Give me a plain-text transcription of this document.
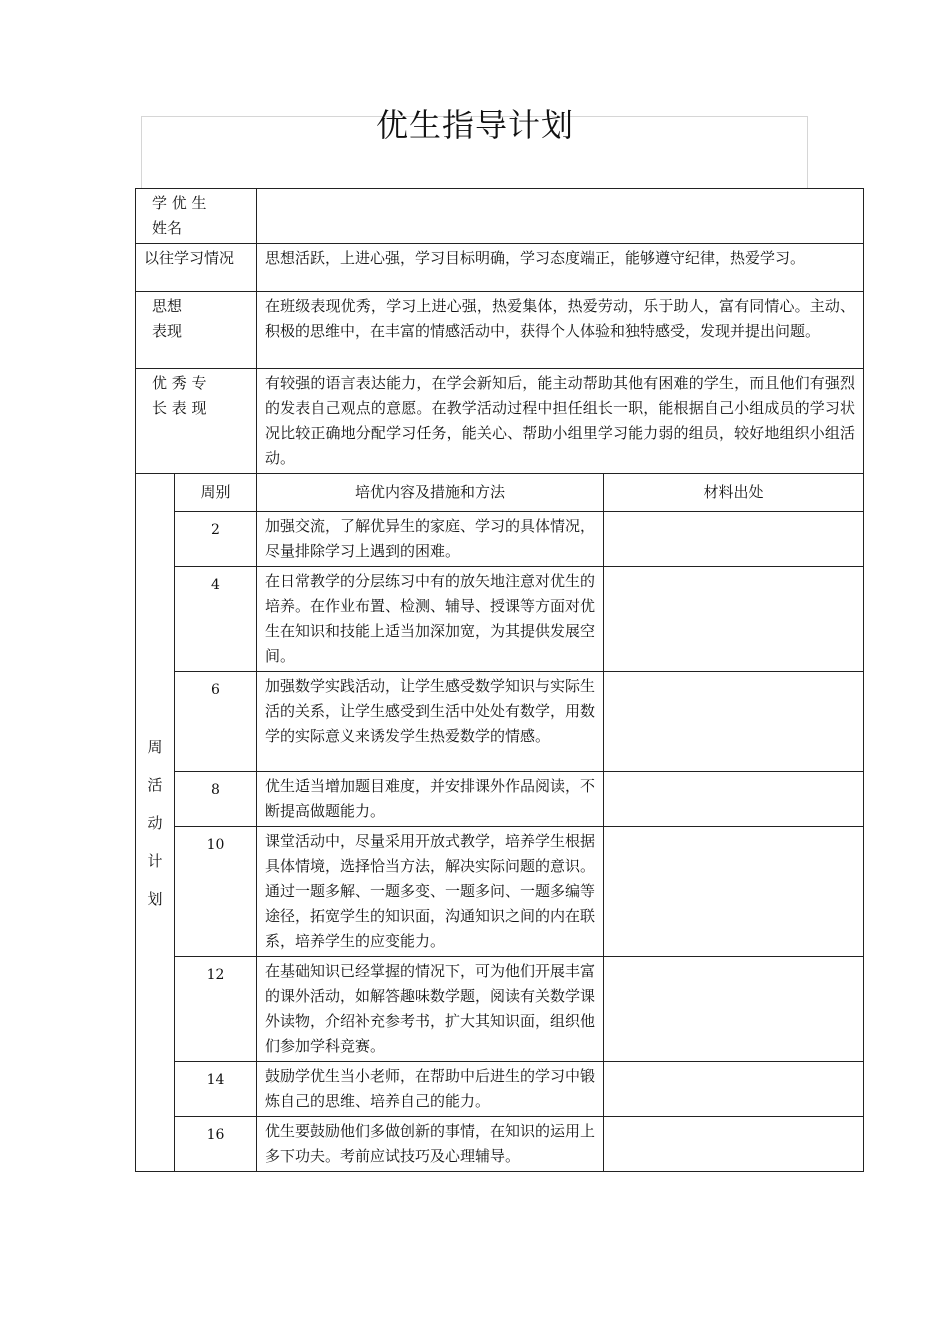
优生指导计划
学 优 生
姓名			

以往学习情况		思想活跃，上进心强，学习目标明确，学习态度端正，能够遵守纪律，热爱学习。	

思想
表现		在班级表现优秀，学习上进心强，热爱集体，热爱劳动，乐于助人，富有同情心。主动、积极的思维中，在丰富的情感活动中，获得个人体验和独特感受，发现并提出问题。	

优 秀 专
长 表 现		有较强的语言表达能力，在学会新知后，能主动帮助其他有困难的学生，而且他们有强烈的发表自己观点的意愿。在教学活动过程中担任组长一职，能根据自己小组成员的学习状况比较正确地分配学习任务，能关心、帮助小组里学习能力弱的组员，较好地组织小组活动。	

周
活
动
计
划	周别	培优内容及措施和方法	材料出处
	2	加强交流，了解优异生的家庭、学习的具体情况，尽量排除学习上遇到的困难。	
	4	在日常教学的分层练习中有的放矢地注意对优生的培养。在作业布置、检测、辅导、授课等方面对优生在知识和技能上适当加深加宽，为其提供发展空间。	
	6	加强数学实践活动，让学生感受数学知识与实际生活的关系，让学生感受到生活中处处有数学，用数学的实际意义来诱发学生热爱数学的情感。	
	8	优生适当增加题目难度，并安排课外作品阅读，不断提高做题能力。	
	10	课堂活动中，尽量采用开放式教学，培养学生根据具体情境，选择恰当方法，解决实际问题的意识。通过一题多解、一题多变、一题多问、一题多编等途径，拓宽学生的知识面，沟通知识之间的内在联系，培养学生的应变能力。	
	12	在基础知识已经掌握的情况下，可为他们开展丰富的课外活动，如解答趣味数学题，阅读有关数学课外读物，介绍补充参考书，扩大其知识面，组织他们参加学科竞赛。	
	14	鼓励学优生当小老师，在帮助中后进生的学习中锻炼自己的思维、培养自己的能力。	
	16	优生要鼓励他们多做创新的事情，在知识的运用上多下功夫。考前应试技巧及心理辅导。	
